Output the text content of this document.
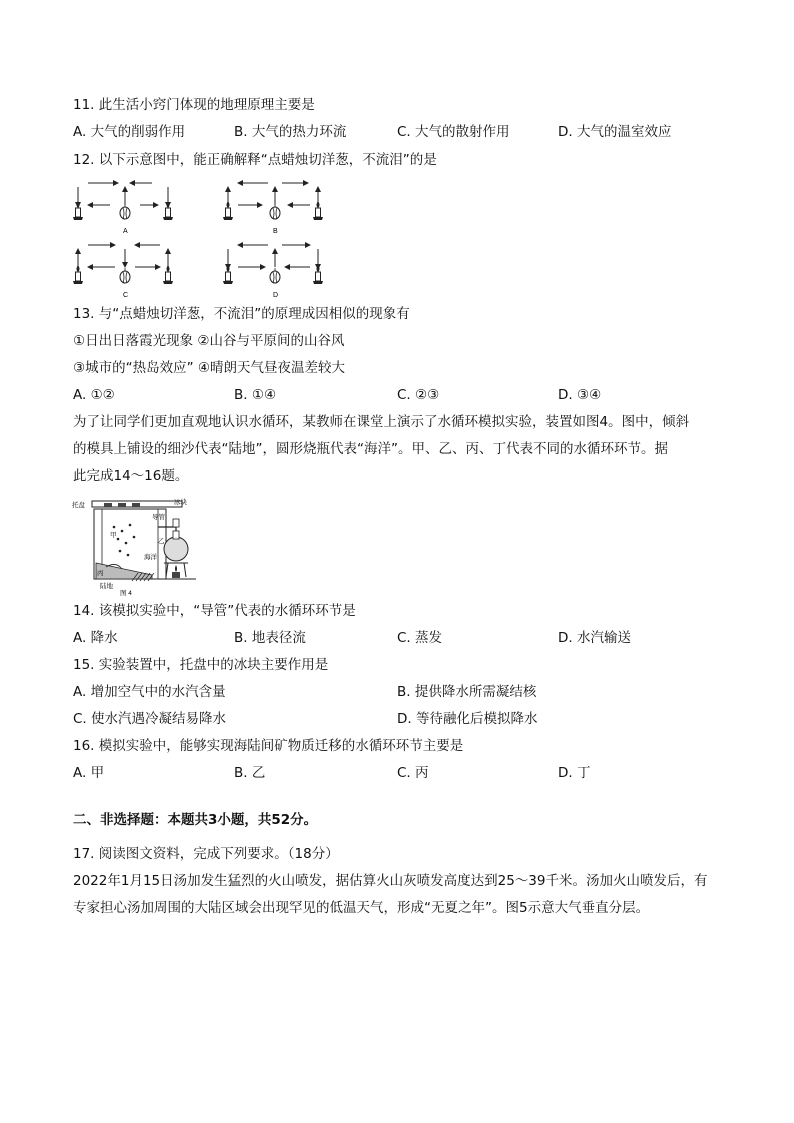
11. 此生活小窍门体现的地理原理主要是
A. 大气的削弱作用	B. 大气的热力环流	C. 大气的散射作用	D. 大气的温室效应
12. 以下示意图中，能正确解释“点蜡烛切洋葱，不流泪”的是
A	B
C	D
13. 与“点蜡烛切洋葱，不流泪”的原理成因相似的现象有
①日出日落霞光现象 ②山谷与平原间的山谷风
③城市的“热岛效应” ④晴朗天气昼夜温差较大
A. ①②	B. ①④	C. ②③	D. ③④
为了让同学们更加直观地认识水循环，某教师在课堂上演示了水循环模拟实验，装置如图4。图中，倾斜
的模具上铺设的细沙代表“陆地”，圆形烧瓶代表“海洋”。甲、乙、丙、丁代表不同的水循环环节。据
此完成14～16题。
托盘	冰块
导管
甲
乙
海洋
丙
陆地
图 4
14. 该模拟实验中，“导管”代表的水循环环节是
A. 降水	B. 地表径流	C. 蒸发	D. 水汽输送
15. 实验装置中，托盘中的冰块主要作用是
A. 增加空气中的水汽含量	B. 提供降水所需凝结核
C. 使水汽遇冷凝结易降水	D. 等待融化后模拟降水
16. 模拟实验中，能够实现海陆间矿物质迁移的水循环环节主要是
A. 甲	B. 乙	C. 丙	D. 丁
二、非选择题：本题共3小题，共52分。
17. 阅读图文资料，完成下列要求。（18分）
2022年1月15日汤加发生猛烈的火山喷发，据估算火山灰喷发高度达到25～39千米。汤加火山喷发后，有
专家担心汤加周围的大陆区域会出现罕见的低温天气，形成“无夏之年”。图5示意大气垂直分层。
